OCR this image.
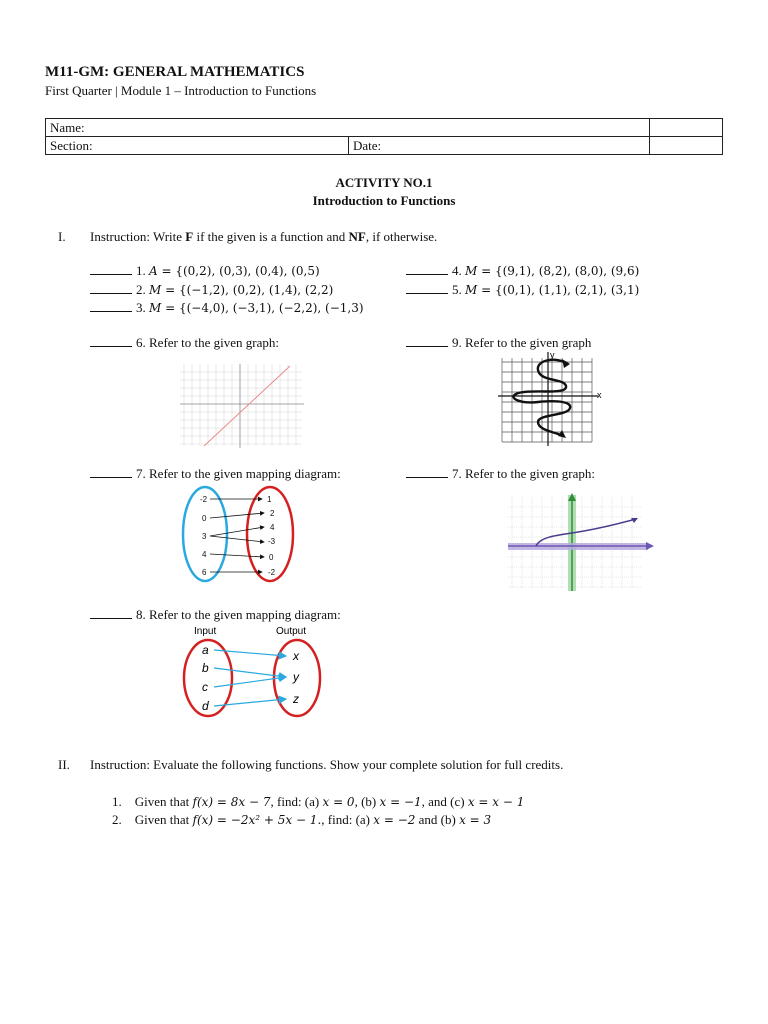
M11-GM: GENERAL MATHEMATICS
First Quarter | Module 1 – Introduction to Functions
Name:		
Section:	Date:	
ACTIVITY NO.1
Introduction to Functions
I. Instruction: Write F if the given is a function and NF, if otherwise.
1. A = {(0,2), (0,3), (0,4), (0,5)
2. M = {(−1,2), (0,2), (1,4), (2,2)
3. M = {(−4,0), (−3,1), (−2,2), (−1,3)
4. M = {(9,1), (8,2), (8,0), (9,6)
5. M = {(0,1), (1,1), (2,1), (3,1)
6. Refer to the given graph:	9. Refer to the given graph
y
x
7. Refer to the given mapping diagram:	7. Refer to the given graph:
-2
0
3
4
6
1
2
4
-3
0
-2
8. Refer to the given mapping diagram:
Input	Output
a
b
c
d
x
y
z
II. Instruction: Evaluate the following functions. Show your complete solution for full credits.
1. Given that f(x) = 8x − 7, find: (a) x = 0, (b) x = −1, and (c) x = x − 1
2. Given that f(x) = −2x² + 5x − 1., find: (a) x = −2 and (b) x = 3
